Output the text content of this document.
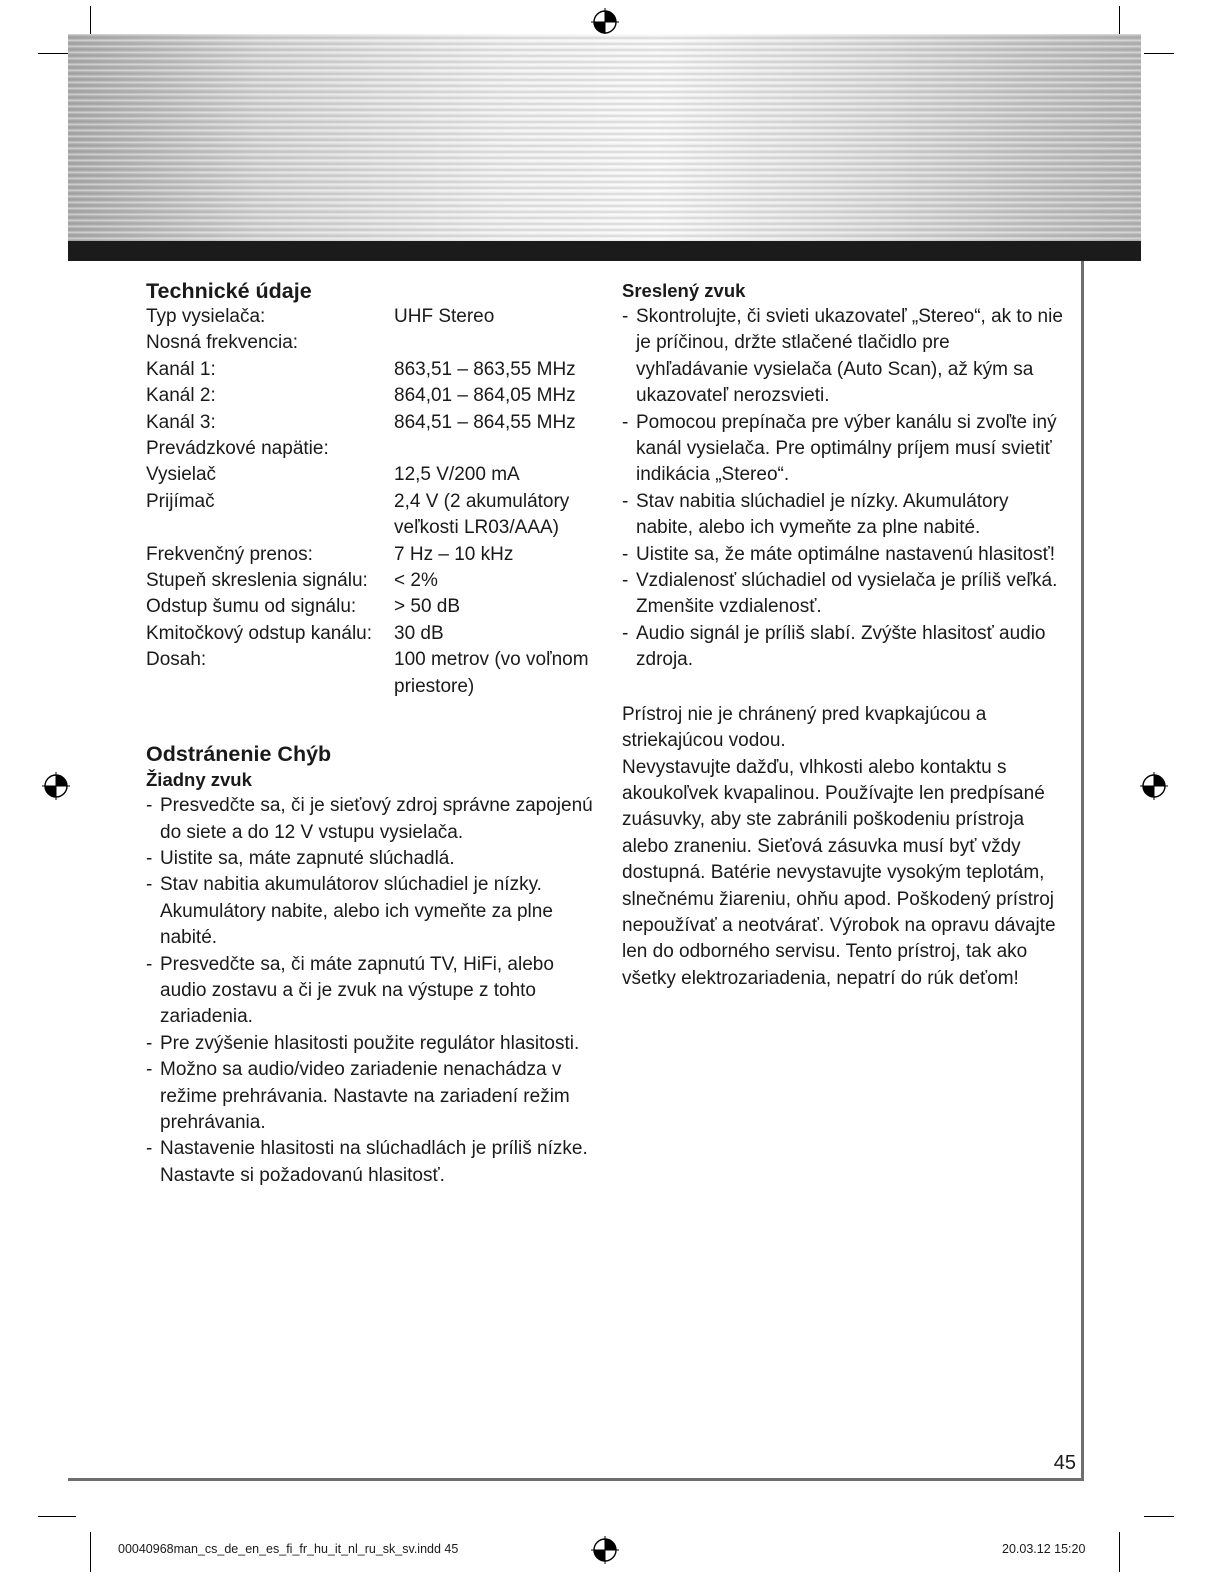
Technické údaje
Typ vysielača:	UHF Stereo
Nosná frekvencia:
Kanál 1:	863,51 – 863,55 MHz
Kanál 2:	864,01 – 864,05 MHz
Kanál 3:	864,51 – 864,55 MHz
Prevádzkové napätie:
Vysielač	12,5 V/200 mA
Prijímač	2,4 V (2 akumulátory veľkosti LR03/AAA)
Frekvenčný prenos:	7 Hz – 10 kHz
Stupeň skreslenia signálu:	< 2%
Odstup šumu od signálu:	> 50 dB
Kmitočkový odstup kanálu:	30 dB
Dosah:	100 metrov (vo voľnom priestore)
Odstránenie Chýb
Žiadny zvuk
- Presvedčte sa, či je sieťový zdroj správne zapojenú do siete a do 12 V vstupu vysielača.
- Uistite sa, máte zapnuté slúchadlá.
- Stav nabitia akumulátorov slúchadiel je nízky. Akumulátory nabite, alebo ich vymeňte za plne nabité.
- Presvedčte sa, či máte zapnutú TV, HiFi, alebo audio zostavu a či je zvuk na výstupe z tohto zariadenia.
- Pre zvýšenie hlasitosti použite regulátor hlasitosti.
- Možno sa audio/video zariadenie nenachádza v režime prehrávania. Nastavte na zariadení režim prehrávania.
- Nastavenie hlasitosti na slúchadlách je príliš nízke. Nastavte si požadovanú hlasitosť.
Sreslený zvuk
- Skontrolujte, či svieti ukazovateľ „Stereo“, ak to nie je príčinou, držte stlačené tlačidlo pre vyhľadávanie vysielača (Auto Scan), až kým sa ukazovateľ nerozsvieti.
- Pomocou prepínača pre výber kanálu si zvoľte iný kanál vysielača. Pre optimálny príjem musí svietiť indikácia „Stereo“.
- Stav nabitia slúchadiel je nízky. Akumulátory nabite, alebo ich vymeňte za plne nabité.
- Uistite sa, že máte optimálne nastavenú hlasitosť!
- Vzdialenosť slúchadiel od vysielača je príliš veľká. Zmenšite vzdialenosť.
- Audio signál je príliš slabí. Zvýšte hlasitosť audio zdroja.

Prístroj nie je chránený pred kvapkajúcou a striekajúcou vodou.

Nevystavujte dažďu, vlhkosti alebo kontaktu s akoukoľvek kvapalinou. Používajte len predpísané zuásuvky, aby ste zabránili poškodeniu prístroja alebo zraneniu. Sieťová zásuvka musí byť vždy dostupná. Batérie nevystavujte vysokým teplotám, slnečnému žiareniu, ohňu apod. Poškodený prístroj nepoužívať a neotvárať. Výrobok na opravu dávajte len do odborného servisu. Tento prístroj, tak ako všetky elektrozariadenia, nepatrí do rúk deťom!

45
00040968man_cs_de_en_es_fi_fr_hu_it_nl_ru_sk_sv.indd 45	20.03.12 15:20
